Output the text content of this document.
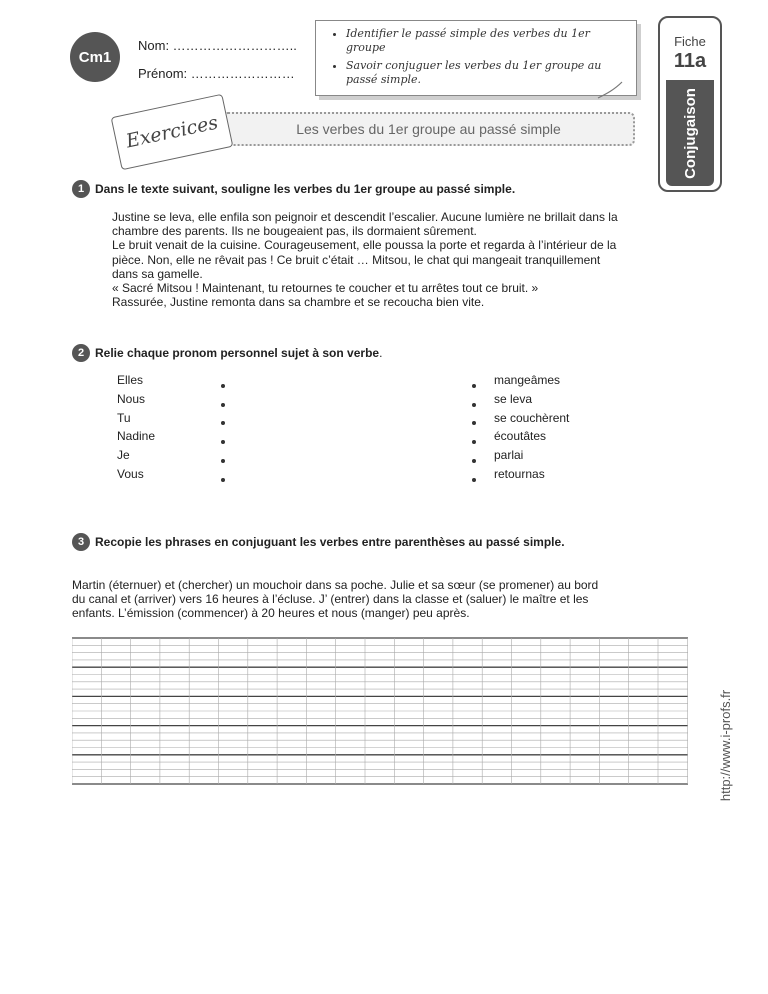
Cm1
Nom: ………………………..
Prénom: ……………………
• Identifier le passé simple des verbes du 1er groupe
• Savoir conjuguer les verbes du 1er groupe au passé simple.
Fiche
11a
Conjugaison
Les verbes du 1er groupe au passé simple
Exercices
1 Dans le texte suivant, souligne les verbes du 1er groupe au passé simple.
Justine se leva, elle enfila son peignoir et descendit l’escalier. Aucune lumière ne brillait dans la
chambre des parents. Ils ne bougeaient pas, ils dormaient sûrement.
Le bruit venait de la cuisine. Courageusement, elle poussa la porte et regarda à l’intérieur de la
pièce. Non, elle ne rêvait pas ! Ce bruit c’était … Mitsou, le chat qui mangeait tranquillement
dans sa gamelle.
« Sacré Mitsou ! Maintenant, tu retournes te coucher et tu arrêtes tout ce bruit. »
Rassurée, Justine remonta dans sa chambre et se recoucha bien vite.
2 Relie chaque pronom personnel sujet à son verbe.
Elles
Nous
Tu
Nadine
Je
Vous
mangeâmes
se leva
se couchèrent
écoutâtes
parlai
retournas
3 Recopie les phrases en conjuguant les verbes entre parenthèses au passé simple.
Martin (éternuer) et (chercher) un mouchoir dans sa poche. Julie et sa sœur (se promener) au bord
du canal et (arriver) vers 16 heures à l’écluse. J’ (entrer) dans la classe et (saluer) le maître et les
enfants. L’émission (commencer) à 20 heures et nous (manger) peu après.
http://www.i-profs.fr
